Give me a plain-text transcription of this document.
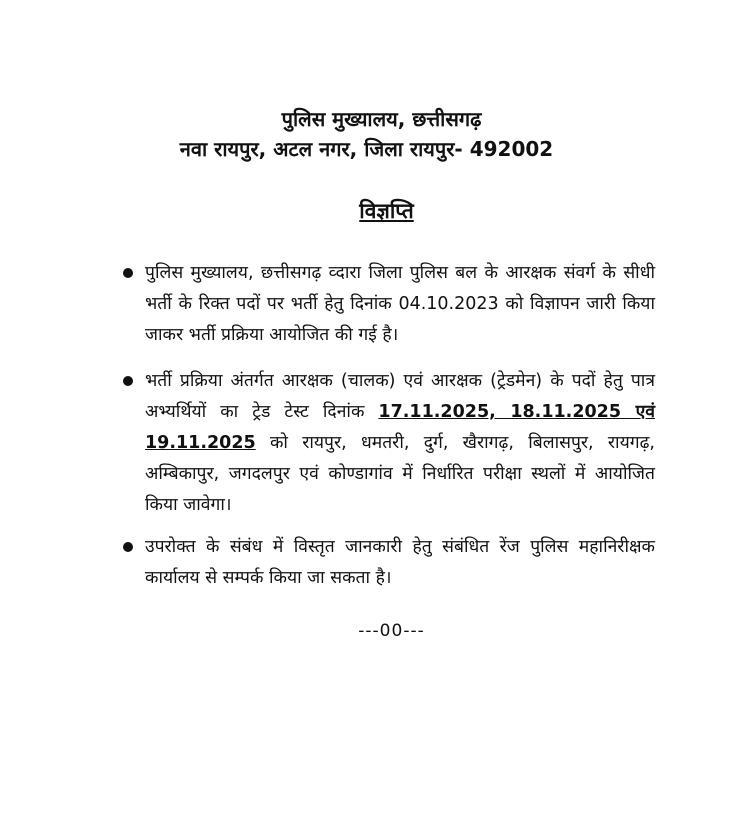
पुलिस मुख्यालय, छत्तीसगढ़
नवा रायपुर, अटल नगर, जिला रायपुर- 492002
विज्ञप्ति
पुलिस मुख्यालय, छत्तीसगढ़ व्दारा जिला पुलिस बल के आरक्षक संवर्ग के सीधी भर्ती के रिक्त पदों पर भर्ती हेतु दिनांक 04.10.2023 को विज्ञापन जारी किया जाकर भर्ती प्रक्रिया आयोजित की गई है।
भर्ती प्रक्रिया अंतर्गत आरक्षक (चालक) एवं आरक्षक (ट्रेडमेन) के पदों हेतु पात्र अभ्यर्थियों का ट्रेड टेस्ट दिनांक 17.11.2025, 18.11.2025 एवं 19.11.2025 को रायपुर, धमतरी, दुर्ग, खैरागढ़, बिलासपुर, रायगढ़, अम्बिकापुर, जगदलपुर एवं कोण्डागांव में निर्धारित परीक्षा स्थलों में आयोजित किया जावेगा।
उपरोक्त के संबंध में विस्तृत जानकारी हेतु संबंधित रेंज पुलिस महानिरीक्षक कार्यालय से सम्पर्क किया जा सकता है।
---00---
